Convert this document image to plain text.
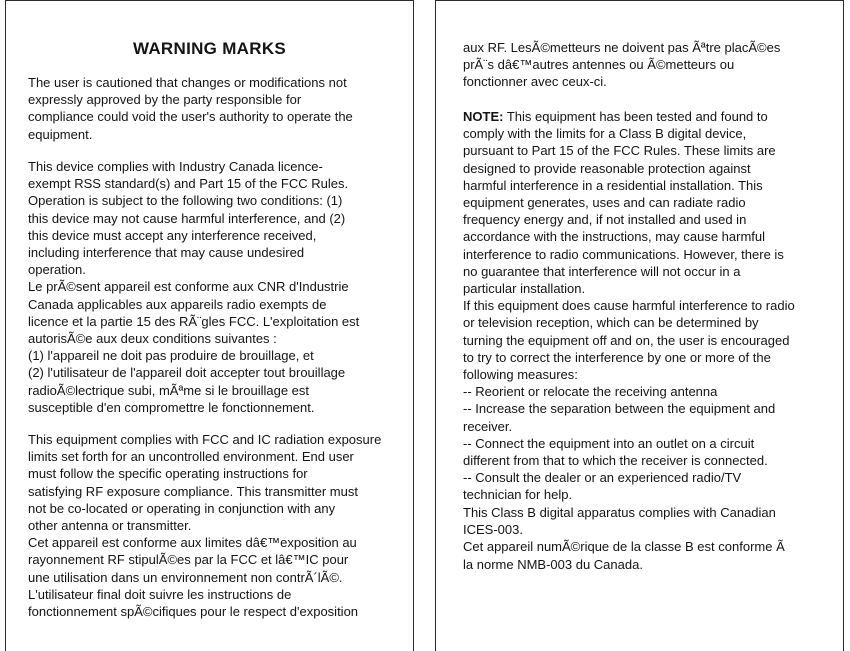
WARNING MARKS
The user is cautioned that changes or modifications not
expressly approved by the party responsible for
compliance could void the user's authority to operate the
equipment.
This device complies with Industry Canada licence-
exempt RSS standard(s) and Part 15 of the FCC Rules.
Operation is subject to the following two conditions: (1)
this device may not cause harmful interference, and (2)
this device must accept any interference received,
including interference that may cause undesired
operation.
Le prÃ©sent appareil est conforme aux CNR d'Industrie
Canada applicables aux appareils radio exempts de
licence et la partie 15 des RÃ¨gles FCC. L'exploitation est
autorisÃ©e aux deux conditions suivantes :
(1) l'appareil ne doit pas produire de brouillage, et
(2) l'utilisateur de l'appareil doit accepter tout brouillage
radioÃ©lectrique subi, mÃªme si le brouillage est
susceptible d'en compromettre le fonctionnement.
This equipment complies with FCC and IC radiation exposure
limits set forth for an uncontrolled environment. End user
must follow the specific operating instructions for
satisfying RF exposure compliance. This transmitter must
not be co-located or operating in conjunction with any
other antenna or transmitter.
Cet appareil est conforme aux limites dâ€™exposition au
rayonnement RF stipulÃ©es par la FCC et lâ€™IC pour
une utilisation dans un environnement non contrÃ´lÃ©.
L'utilisateur final doit suivre les instructions de
fonctionnement spÃ©cifiques pour le respect d'exposition
aux RF. LesÃ©metteurs ne doivent pas Ãªtre placÃ©es
prÃ¨s dâ€™autres antennes ou Ã©metteurs ou
fonctionner avec ceux-ci.
NOTE: This equipment has been tested and found to
comply with the limits for a Class B digital device,
pursuant to Part 15 of the FCC Rules. These limits are
designed to provide reasonable protection against
harmful interference in a residential installation. This
equipment generates, uses and can radiate radio
frequency energy and, if not installed and used in
accordance with the instructions, may cause harmful
interference to radio communications. However, there is
no guarantee that interference will not occur in a
particular installation.
If this equipment does cause harmful interference to radio
or television reception, which can be determined by
turning the equipment off and on, the user is encouraged
to try to correct the interference by one or more of the
following measures:
-- Reorient or relocate the receiving antenna
-- Increase the separation between the equipment and
receiver.
-- Connect the equipment into an outlet on a circuit
different from that to which the receiver is connected.
-- Consult the dealer or an experienced radio/TV
technician for help.
This Class B digital apparatus complies with Canadian
ICES-003.
Cet appareil numÃ©rique de la classe B est conforme Ã
la norme NMB-003 du Canada.
